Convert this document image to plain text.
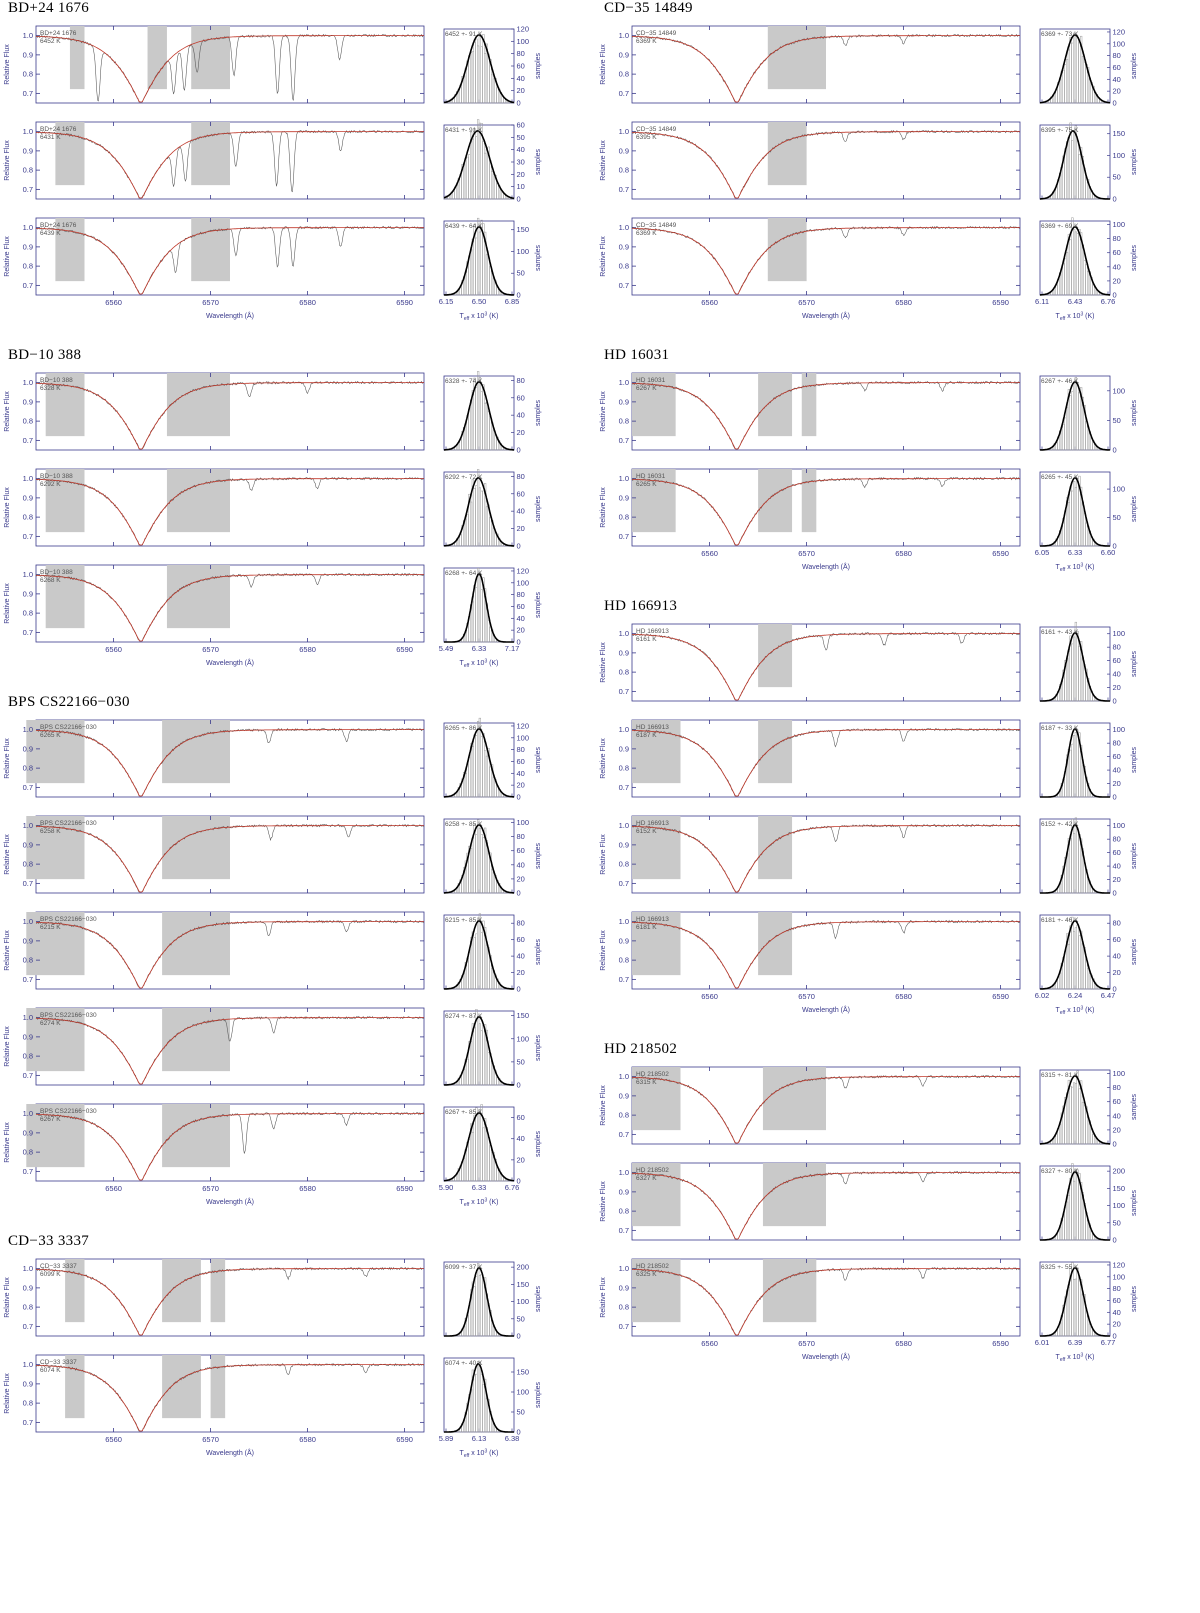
BD+24 1676
1.0
0.9
0.8
0.7
Relative Flux
BD+24 1676
6452 K
0
20
40
60
80
100
120
6452 +- 91 K
samples
1.0
0.9
0.8
0.7
Relative Flux
BD+24 1676
6431 K
0
10
20
30
40
50
60
6431 +- 91 K
samples
6560	6570	6580	6590
1.0
0.9
0.8
0.7
Relative Flux
BD+24 1676
6439 K
Wavelength (Å)
0
50
100
150
6.15 6.50 6.85
6439 +- 64 K
samples
$T_{eff}$ x $10^3$ (K)
BD−10 388
1.0
0.9
0.8
0.7
Relative Flux
BD−10 388
6328 K
0
20
40
60
80
6328 +- 74 K
samples
1.0
0.9
0.8
0.7
Relative Flux
BD−10 388
6292 K
0
20
40
60
80
6292 +- 72 K
samples
6560	6570	6580	6590
1.0
0.9
0.8
0.7
Relative Flux
BD−10 388
6268 K
Wavelength (Å)
0
20
40
60
80
100
120
5.49 6.33 7.17
6268 +- 64 K
samples
$T_{eff}$ x $10^3$ (K)
BPS CS22166−030
1.0
0.9
0.8
0.7
Relative Flux
BPS CS22166−030
6265 K
0
20
40
60
80
100
120
6265 +- 86 K
samples
1.0
0.9
0.8
0.7
Relative Flux
BPS CS22166−030
6258 K
0
20
40
60
80
100
6258 +- 85 K
samples
1.0
0.9
0.8
0.7
Relative Flux
BPS CS22166−030
6215 K
0
20
40
60
80
6215 +- 85 K
samples
1.0
0.9
0.8
0.7
Relative Flux
BPS CS22166−030
6274 K
0
50
100
150
6274 +- 87 K
samples
6560	6570	6580	6590
1.0
0.9
0.8
0.7
Relative Flux
BPS CS22166−030
6267 K
Wavelength (Å)
0
20
40
60
5.90 6.33 6.76
6267 +- 85 K
samples
$T_{eff}$ x $10^3$ (K)
CD−33 3337
1.0
0.9
0.8
0.7
Relative Flux
CD−33 3337
6099 K
0
50
100
150
200
6099 +- 37 K
samples
6560	6570	6580	6590
1.0
0.9
0.8
0.7
Relative Flux
CD−33 3337
6074 K
Wavelength (Å)
0
50
100
150
5.89 6.13 6.38
6074 +- 40 K
samples
$T_{eff}$ x $10^3$ (K)
CD−35 14849
1.0
0.9
0.8
0.7
Relative Flux
CD−35 14849
6369 K
0
20
40
60
80
100
120
6369 +- 73 K
samples
1.0
0.9
0.8
0.7
Relative Flux
CD−35 14849
6395 K
0
50
100
150
6395 +- 75 K
samples
6560	6570	6580	6590
1.0
0.9
0.8
0.7
Relative Flux
CD−35 14849
6369 K
Wavelength (Å)
0
20
40
60
80
100
6.11 6.43 6.76
6369 +- 69 K
samples
$T_{eff}$ x $10^3$ (K)
HD 16031
1.0
0.9
0.8
0.7
Relative Flux
HD 16031
6267 K
0
50
100
6267 +- 46 K
samples
6560	6570	6580	6590
1.0
0.9
0.8
0.7
Relative Flux
HD 16031
6265 K
Wavelength (Å)
0
50
100
6.05 6.33 6.60
6265 +- 45 K
samples
$T_{eff}$ x $10^3$ (K)
HD 166913
1.0
0.9
0.8
0.7
Relative Flux
HD 166913
6161 K
0
20
40
60
80
100
6161 +- 43 K
samples
1.0
0.9
0.8
0.7
Relative Flux
HD 166913
6187 K
0
20
40
60
80
100
6187 +- 33 K
samples
1.0
0.9
0.8
0.7
Relative Flux
HD 166913
6152 K
0
20
40
60
80
100
6152 +- 42 K
samples
6560	6570	6580	6590
1.0
0.9
0.8
0.7
Relative Flux
HD 166913
6181 K
Wavelength (Å)
0
20
40
60
80
6.02 6.24 6.47
6181 +- 46 K
samples
$T_{eff}$ x $10^3$ (K)
HD 218502
1.0
0.9
0.8
0.7
Relative Flux
HD 218502
6315 K
0
20
40
60
80
100
6315 +- 81 K
samples
1.0
0.9
0.8
0.7
Relative Flux
HD 218502
6327 K
0
50
100
150
200
6327 +- 80 K
samples
6560	6570	6580	6590
1.0
0.9
0.8
0.7
Relative Flux
HD 218502
6325 K
Wavelength (Å)
0
20
40
60
80
100
120
6.01 6.39 6.77
6325 +- 55 K
samples
$T_{eff}$ x $10^3$ (K)
